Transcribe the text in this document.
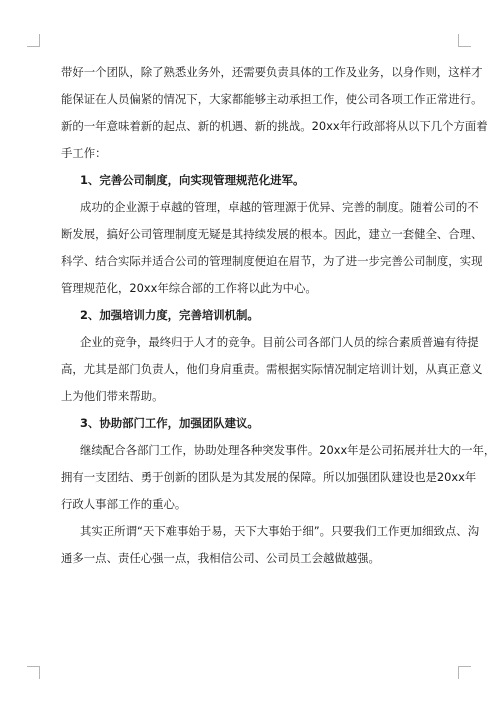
带好一个团队，除了熟悉业务外，还需要负责具体的工作及业务，以身作则，这样才
能保证在人员偏紧的情况下，大家都能够主动承担工作，使公司各项工作正常进行。
新的一年意味着新的起点、新的机遇、新的挑战。20xx年行政部将从以下几个方面着
手工作：
1、完善公司制度，向实现管理规范化进军。
成功的企业源于卓越的管理，卓越的管理源于优异、完善的制度。随着公司的不
断发展，搞好公司管理制度无疑是其持续发展的根本。因此，建立一套健全、合理、
科学、结合实际并适合公司的管理制度便迫在眉节，为了进一步完善公司制度，实现
管理规范化，20xx年综合部的工作将以此为中心。
2、加强培训力度，完善培训机制。
企业的竞争，最终归于人才的竞争。目前公司各部门人员的综合素质普遍有待提
高，尤其是部门负责人，他们身肩重责。需根据实际情况制定培训计划，从真正意义
上为他们带来帮助。
3、协助部门工作，加强团队建议。
继续配合各部门工作，协助处理各种突发事件。20xx年是公司拓展并壮大的一年，
拥有一支团结、勇于创新的团队是为其发展的保障。所以加强团队建设也是20xx年
行政人事部工作的重心。
其实正所谓“天下难事始于易，天下大事始于细”。只要我们工作更加细致点、沟
通多一点、责任心强一点，我相信公司、公司员工会越做越强。
